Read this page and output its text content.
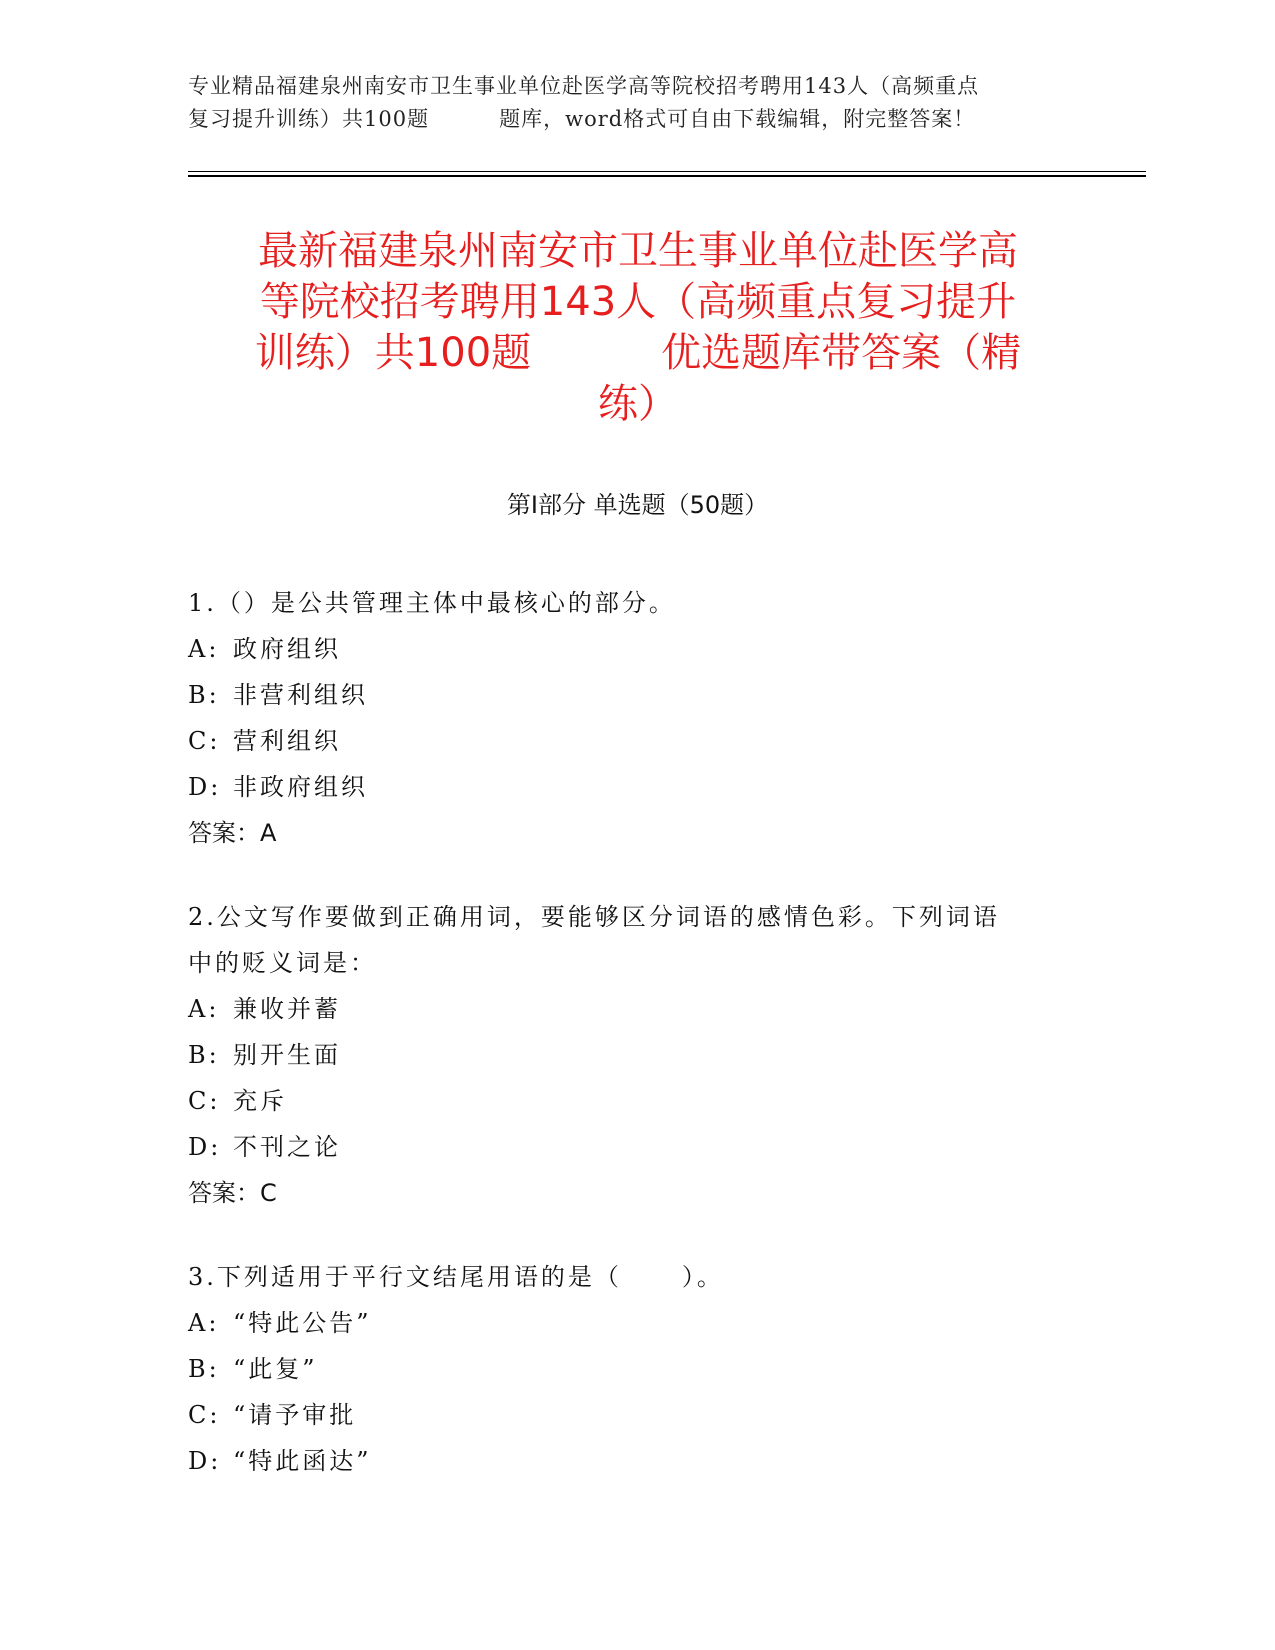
专业精品福建泉州南安市卫生事业单位赴医学高等院校招考聘用143人（高频重点
复习提升训练）共100题	题库，word格式可自由下载编辑，附完整答案！
最新福建泉州南安市卫生事业单位赴医学高
等院校招考聘用143人（高频重点复习提升
训练）共100题	优选题库带答案（精
练）
第Ⅰ部分 单选题（50题）
1.（）是公共管理主体中最核心的部分。
A: 政府组织
B: 非营利组织
C: 营利组织
D: 非政府组织
答案：A
2.公文写作要做到正确用词，要能够区分词语的感情色彩。下列词语
中的贬义词是：
A: 兼收并蓄
B: 别开生面
C: 充斥
D: 不刊之论
答案：C
3.下列适用于平行文结尾用语的是（	）。
A: “特此公告”
B: “此复”
C: “请予审批
D: “特此函达”
